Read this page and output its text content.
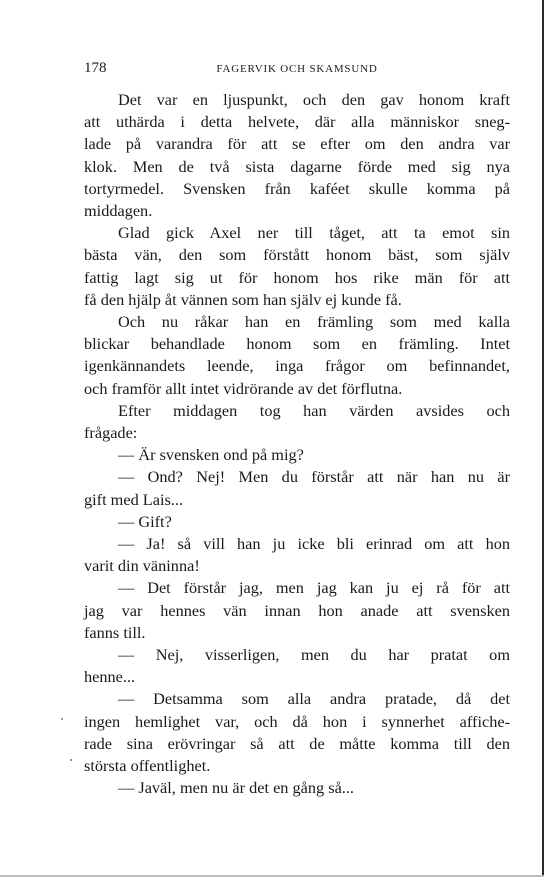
178	FAGERVIK OCH SKAMSUND

Det var en ljuspunkt, och den gav honom kraft
att uthärda i detta helvete, där alla människor sneg-
lade på varandra för att se efter om den andra var
klok. Men de två sista dagarne förde med sig nya
tortyrmedel. Svensken från kaféet skulle komma på
middagen.

Glad gick Axel ner till tåget, att ta emot sin
bästa vän, den som förstått honom bäst, som själv
fattig lagt sig ut för honom hos rike män för att
få den hjälp åt vännen som han själv ej kunde få.

Och nu råkar han en främling som med kalla
blickar behandlade honom som en främling. Intet
igenkännandets leende, inga frågor om befinnandet,
och framför allt intet vidrörande av det förflutna.

Efter middagen tog han värden avsides och
frågade:

— Är svensken ond på mig?

— Ond? Nej! Men du förstår att när han nu är
gift med Lais...

— Gift?

— Ja! så vill han ju icke bli erinrad om att hon
varit din väninna!

— Det förstår jag, men jag kan ju ej rå för att
jag var hennes vän innan hon anade att svensken
fanns till.

— Nej, visserligen, men du har pratat om
henne...

— Detsamma som alla andra pratade, då det
ingen hemlighet var, och då hon i synnerhet affiche-
rade sina erövringar så att de måtte komma till den
största offentlighet.

— Javäl, men nu är det en gång så...
